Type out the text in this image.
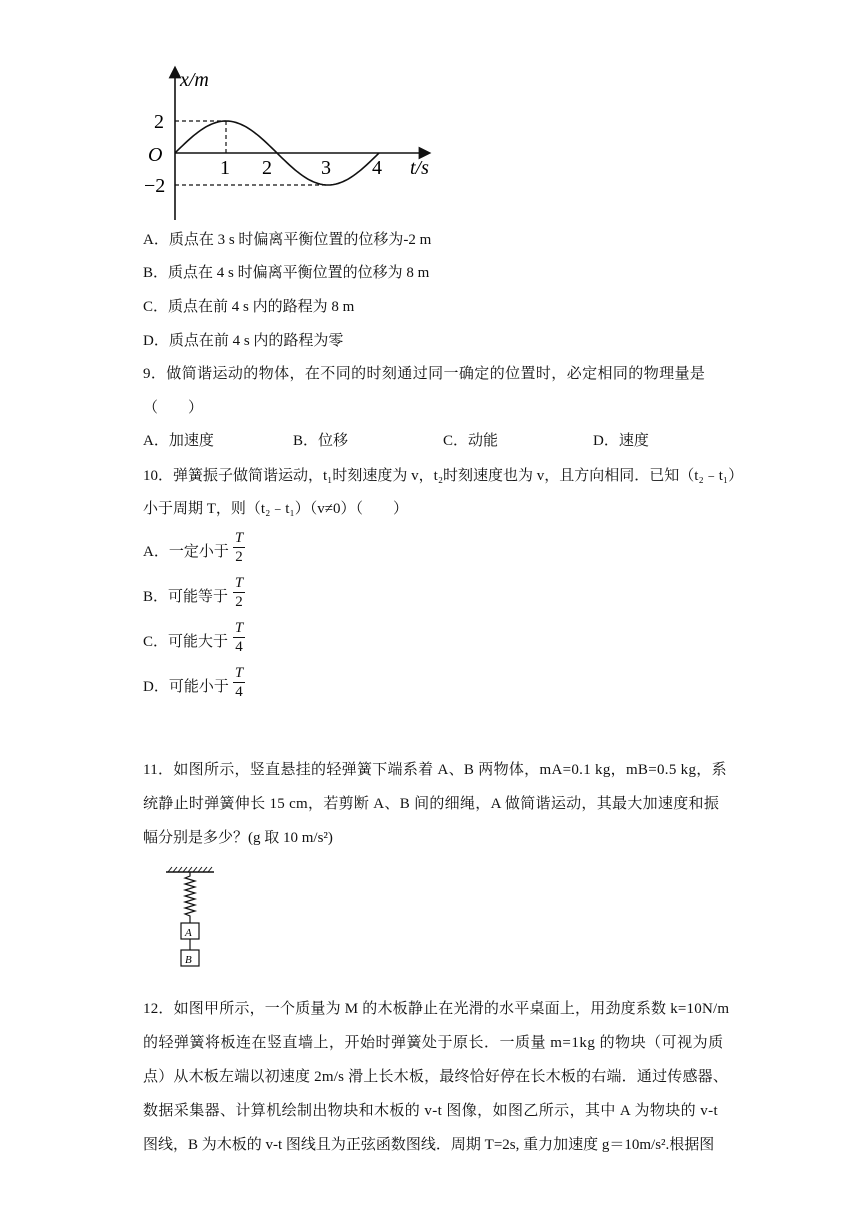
x/m
t/s
O
2
−2
1 2 3 4
A．质点在 3 s 时偏离平衡位置的位移为-2 m
B．质点在 4 s 时偏离平衡位置的位移为 8 m
C．质点在前 4 s 内的路程为 8 m
D．质点在前 4 s 内的路程为零
9．做简谐运动的物体，在不同的时刻通过同一确定的位置时，必定相同的物理量是
（　　）
A．加速度	B．位移	C．动能	D．速度
10．弹簧振子做简谐运动，t₁时刻速度为 v，t₂时刻速度也为 v，且方向相同．已知（t₂﹣t₁）
小于周期 T，则（t₂﹣t₁）（v≠0）（　　）
A．一定小于
T
2
B．可能等于
T
2
C．可能大于
T
4
D．可能小于
T
4
11．如图所示，竖直悬挂的轻弹簧下端系着 A、B 两物体，mA=0.1 kg，mB=0.5 kg，系
统静止时弹簧伸长 15 cm，若剪断 A、B 间的细绳，A 做简谐运动，其最大加速度和振
幅分别是多少？(g 取 10 m/s²)
A
B
12．如图甲所示，一个质量为 M 的木板静止在光滑的水平桌面上，用劲度系数 k=10N/m
的轻弹簧将板连在竖直墙上，开始时弹簧处于原长．一质量 m=1kg 的物块（可视为质
点）从木板左端以初速度 2m/s 滑上长木板，最终恰好停在长木板的右端．通过传感器、
数据采集器、计算机绘制出物块和木板的 v-t 图像，如图乙所示，其中 A 为物块的 v-t
图线，B 为木板的 v-t 图线且为正弦函数图线．周期 T=2s, 重力加速度 g＝10m/s².根据图
